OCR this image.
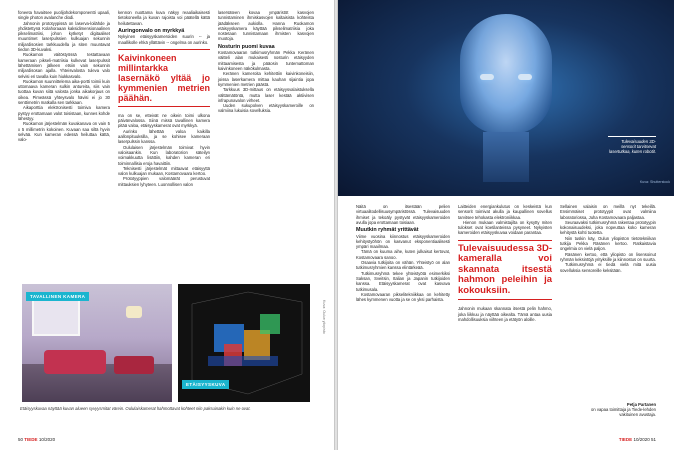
foneeta havaitsee puolijohdekomponentti upaali, single photon avalanche diodi.

Jahnonin prototyypissä on laserva-loilähde ja yhdistettynä Kolahoraaan kaksidimensionaalinen pikselimatriisi, johon kytketyt digitaaliset muuntimet laserpulssien kulkuajan sekunnin miljardisosien tarkkuudella ja siten muuntavat tiedon 3D-kuvaksi.

Ruokamon väitöstyössä testattavaan kameraan pikseli-matriisia kulkevat laserpulssit lähettämisen jälkeen etsiin vain sekunnin miljardisosan ajalla. Yhteisvalosta tuleva valo selvisi eri tavalla kuin hiukkasvalo.

Ruokamon suunnittelema aika-portti toimii kuin uttomaava kameran sulkin antureita, siis vain tuottaa kuvan siitä valosta jonka aikakorjaus on oikea. Pimeässä yhteysvalo hävisi ei jo 30 senttimetrin matkalla sen tarkkaan.

Aikaporttia elektronisesti toimiva kamera pystyy erottamaan valot toisistaan, kunnes kohde lähestyy.

Ruokamon järjestelmän kuvakanava on vain 5 x 5 millimetrin kokoinen. Kuvaan saa siltä hyvin selvää. Kun kameran edessä heiluttaa kättä, valo-

kennon nuottama kuva näkyy reaaliaikaisesti tietokoneella ja kuvan rajoista voi päätellä kättä heilutettavan.

Auringonvalo on myrkkyä

Nykyinen etäisyyskameroiden suurin -- ja maallikolle ehkä yllättävin -- ongelma on aurinko.

Kaivinkoneen millintarkka lasernäkö yltää jo kymmenien metrien päähän.

ma on se, etteivät ne oikein toimi ulkona päivänvalossa. Siinä missä tavallinen kamera pitää valoa, etäisyyskamerat ovat myrkkyä.

Aurinko lähettää valoa kaikilla aallonpituuksilla, ja se kohisee kameraan laserpulssin kanssa.

Oululaisen järjestelmän toimivat hyvin valoisaankin. Kun laboratorion säteilyn voimakkuutta lisättiin, kahden kameran eri toiminnallisia eroja havaittiin.

Teknisesti järjestelmät mittaavat etäisyyttä valon kulkuajan mukaan, Kostamovaara kertoo.

Prototyyppien valomäärät perustuvat mittauksien lyhyteen. Luonnollisen valon

lasersäteen kovaa ympäristöt kasvojen tunnistaminen ihmiskasvojen kaltaisista kohteista jäädäkseen aukiolla. Hanna Ruokamon etäisyyskamera käyttää pikselimatriisia joka nostetaan tunnistamaan ihmisten kasvojen muotoja.

Nosturin puomi kuvaa

Kostamovaaran tutkimusryhmän Pekka Keränen väitteli alan mukaisesti nosturin etäisyyden mittaamisesta ja pääosin tuntemattoman kaivinkoneen näkökulmasta.

Keränen kameroita kehitettiin kaivinkoneisiin, joissa laserkamera mittaa kauhan sijaintia jopa kymmenien metrien päästä.

Tarkkuus 3D-mittaus on etäisyysvalaistuksella välttämätöntä, mutta laser kestää aktiivisen infrapunavalon virheet.

Uuden sukupolven etäisyyskameroille on valmiina lukuisia sovelluksia.

TAVALLINEN KAMERA
ETÄISYYSKUVA
Kuva: Oulun yliopisto
Etäisyyskuvaa näyttää kuvan alueen syvyysmitat värein. Oululaiskamerat hahmottavat kohteet niin paksuinakin kuin ne ovat.
50 TIEDE 10/2020
Tulevaisuuden 3D-sensorit tarvitsevat lasertutkaa, kuten robotit.
Kuva: Shutterstock

Näitä on itsestään pelien virtuaalitodellisuusympäristössä. Tulevaisuuden ihmiset ja tekoäly pystyvät etäisyyskameroiden avulla jopa erottamaan toisiaan.

Muutkin ryhmät yrittävät

Viime vuosina kiinnostus etäisyyskameroiden kehitystyöhön on kasvanut eksponentiaalisesti ympäri maailmaa.

Tämä on kuuma aihe, kuten julkaisut kertovat, Kostamovaara sanoo.

Osaavia tutkijoita on vähän. Yhteistyö on alan tutkimusryhmien kanssa elintärkeää.

Tutkimusryhmä tekee yhteistyötä esimerkiksi Saksan, Sveitsin, Italian ja Japanin tutkijoiden kanssa. Etäisyyskamerat ovat kasvava tutkimusala.

Kostamovaaran pikselitekniikkaa on kehitetty lähes kymmenen vuotta ja se on yksi parhaista.

Laitteiden energiankulutus on keskeistä kun sensorit toimivat akulla ja kaupallinen sovellus tarvitsee tehokasta elektroniikkaa.

Hienon mukaan valmistajilta on kysytty miten tulokset ovat koetilanteissa pysyneet. Nykyisten kameroiden etäisyyskuvaa voidaan parantaa.

Tulevaisuudessa 3D-kameralla voi skannata itsestä hahmon peleihin ja kokouksiin.

Jahnonin mukaan skannata itsestä pelin hahmo, joka liikkuu ja näyttää oikealta. Tämä antaa uusia mahdollisuuksia viihteen ja etätyön aloille.

Sellainen valaisin on meillä nyt tekeillä. Ensimmäiset prototyypit ovat valmiina laboratoriossa, Juha Kostamovaara paljastaa.

Seuraavaksi tutkimusryhmä rakentaa prototyypin kokonaisuudeksi, joka nopeuttaa koko kameran kehitystä kohti tuotetta.

Niin tuskin käy, Oulun yliopiston tietotekniikan tutkija Pekka Räsänen kertoo. Ratkaistavia ongelmia on vielä paljon.

Räsänen kertoo, että yliopisto on lisensoinut ryhmän keksintöjä yrityksille ja kiinnostus on suurta.

Tutkimusryhmä ei tiedä vielä mitä uusia sovelluksia sensoreille keksitään.

Petja Partanen
on vapaa toimittaja ja Tiede-lehden vakituinen avustaja.
TIEDE 10/2020 51
